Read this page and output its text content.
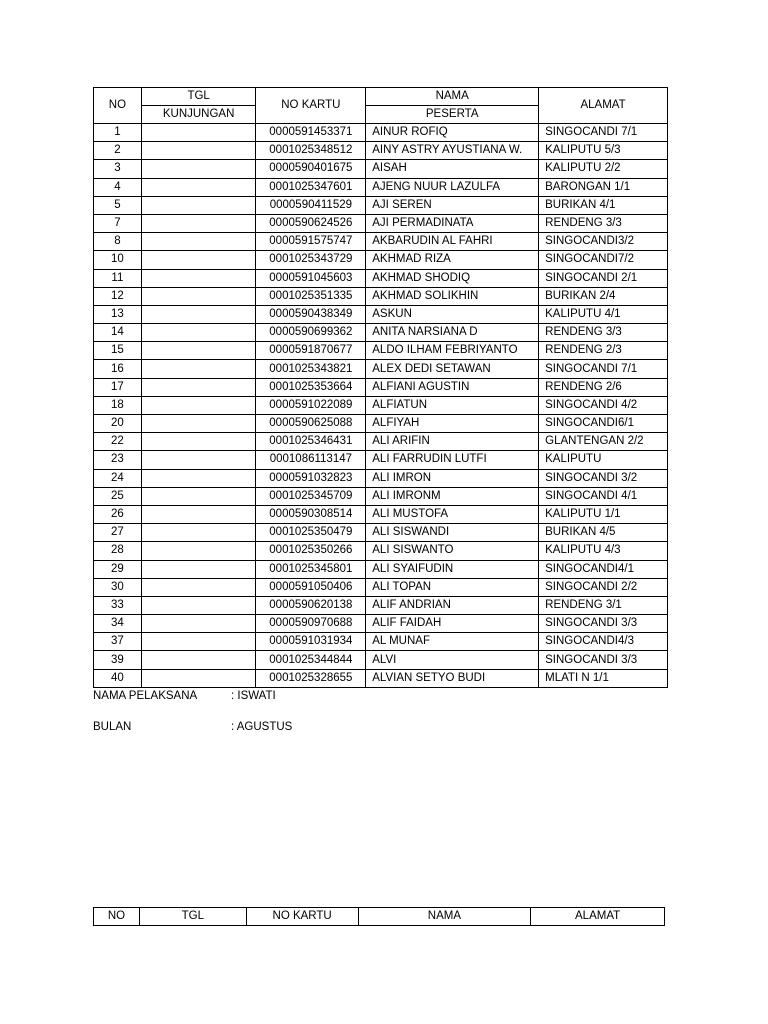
NO	TGL	NO KARTU	NAMA	ALAMAT
	KUNJUNGAN		PESERTA	
1		0000591453371	AINUR ROFIQ	SINGOCANDI 7/1
2		0001025348512	AINY ASTRY AYUSTIANA W.	KALIPUTU 5/3
3		0000590401675	AISAH	KALIPUTU 2/2
4		0001025347601	AJENG NUUR LAZULFA	BARONGAN 1/1
5		0000590411529	AJI SEREN	BURIKAN 4/1
7		0000590624526	AJI PERMADINATA	RENDENG 3/3
8		0000591575747	AKBARUDIN AL FAHRI	SINGOCANDI3/2
10		0001025343729	AKHMAD RIZA	SINGOCANDI7/2
11		0000591045603	AKHMAD SHODIQ	SINGOCANDI 2/1
12		0001025351335	AKHMAD SOLIKHIN	BURIKAN 2/4
13		0000590438349	ASKUN	KALIPUTU 4/1
14		0000590699362	ANITA NARSIANA D	RENDENG 3/3
15		0000591870677	ALDO ILHAM FEBRIYANTO	RENDENG 2/3
16		0001025343821	ALEX DEDI SETAWAN	SINGOCANDI 7/1
17		0001025353664	ALFIANI AGUSTIN	RENDENG 2/6
18		0000591022089	ALFIATUN	SINGOCANDI 4/2
20		0000590625088	ALFIYAH	SINGOCANDI6/1
22		0001025346431	ALI ARIFIN	GLANTENGAN 2/2
23		0001086113147	ALI FARRUDIN LUTFI	KALIPUTU
24		0000591032823	ALI IMRON	SINGOCANDI 3/2
25		0001025345709	ALI IMRONM	SINGOCANDI 4/1
26		0000590308514	ALI MUSTOFA	KALIPUTU 1/1
27		0001025350479	ALI SISWANDI	BURIKAN 4/5
28		0001025350266	ALI SISWANTO	KALIPUTU 4/3
29		0001025345801	ALI SYAIFUDIN	SINGOCANDI4/1
30		0000591050406	ALI TOPAN	SINGOCANDI 2/2
33		0000590620138	ALIF ANDRIAN	RENDENG 3/1
34		0000590970688	ALIF FAIDAH	SINGOCANDI 3/3
37		0000591031934	AL MUNAF	SINGOCANDI4/3
39		0001025344844	ALVI	SINGOCANDI 3/3
40		0001025328655	ALVIAN SETYO BUDI	MLATI N 1/1
NAMA PELAKSANA	: ISWATI
BULAN	: AGUSTUS
NO	TGL	NO KARTU	NAMA	ALAMAT
